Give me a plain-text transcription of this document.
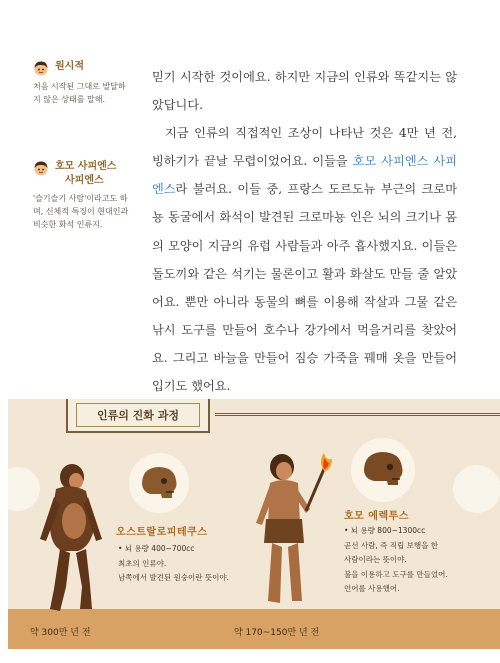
원시적
처음 시작된 그대로 발달하
지 않은 상태를 말해.
호모 사피엔스
사피엔스
'슬기슬기 사람'이라고도 하
며, 신체적 특징이 현대인과
비슷한 화석 인류지.

믿기 시작한 것이에요. 하지만 지금의 인류와 똑같지는 않았답니다.

지금 인류의 직접적인 조상이 나타난 것은 4만 년 전, 빙하기가 끝날 무렵이었어요. 이들을 호모 사피엔스 사피엔스라 불러요. 이들 중, 프랑스 도르도뉴 부근의 크로마뇽 동굴에서 화석이 발견된 크로마뇽 인은 뇌의 크기나 몸의 모양이 지금의 유럽 사람들과 아주 흡사했지요. 이들은 돌도끼와 같은 석기는 물론이고 활과 화살도 만들 줄 알았어요. 뿐만 아니라 동물의 뼈를 이용해 작살과 그물 같은 낚시 도구를 만들어 호수나 강가에서 먹을거리를 찾았어요. 그리고 바늘을 만들어 짐승 가죽을 꿰매 옷을 만들어 입기도 했어요.

인류의 진화 과정
오스트랄로피테쿠스
• 뇌 용량 400~700cc
최초의 인류야.
남쪽에서 발견된 원숭이란 뜻이야.
약 300만 년 전
호모 에렉투스
• 뇌 용량 800~1300cc
곧선 사람, 즉 직립 보행을 한
사람이라는 뜻이야.
불을 이용하고 도구를 만들었어.
언어를 사용했어.
약 170~150만 년 전
